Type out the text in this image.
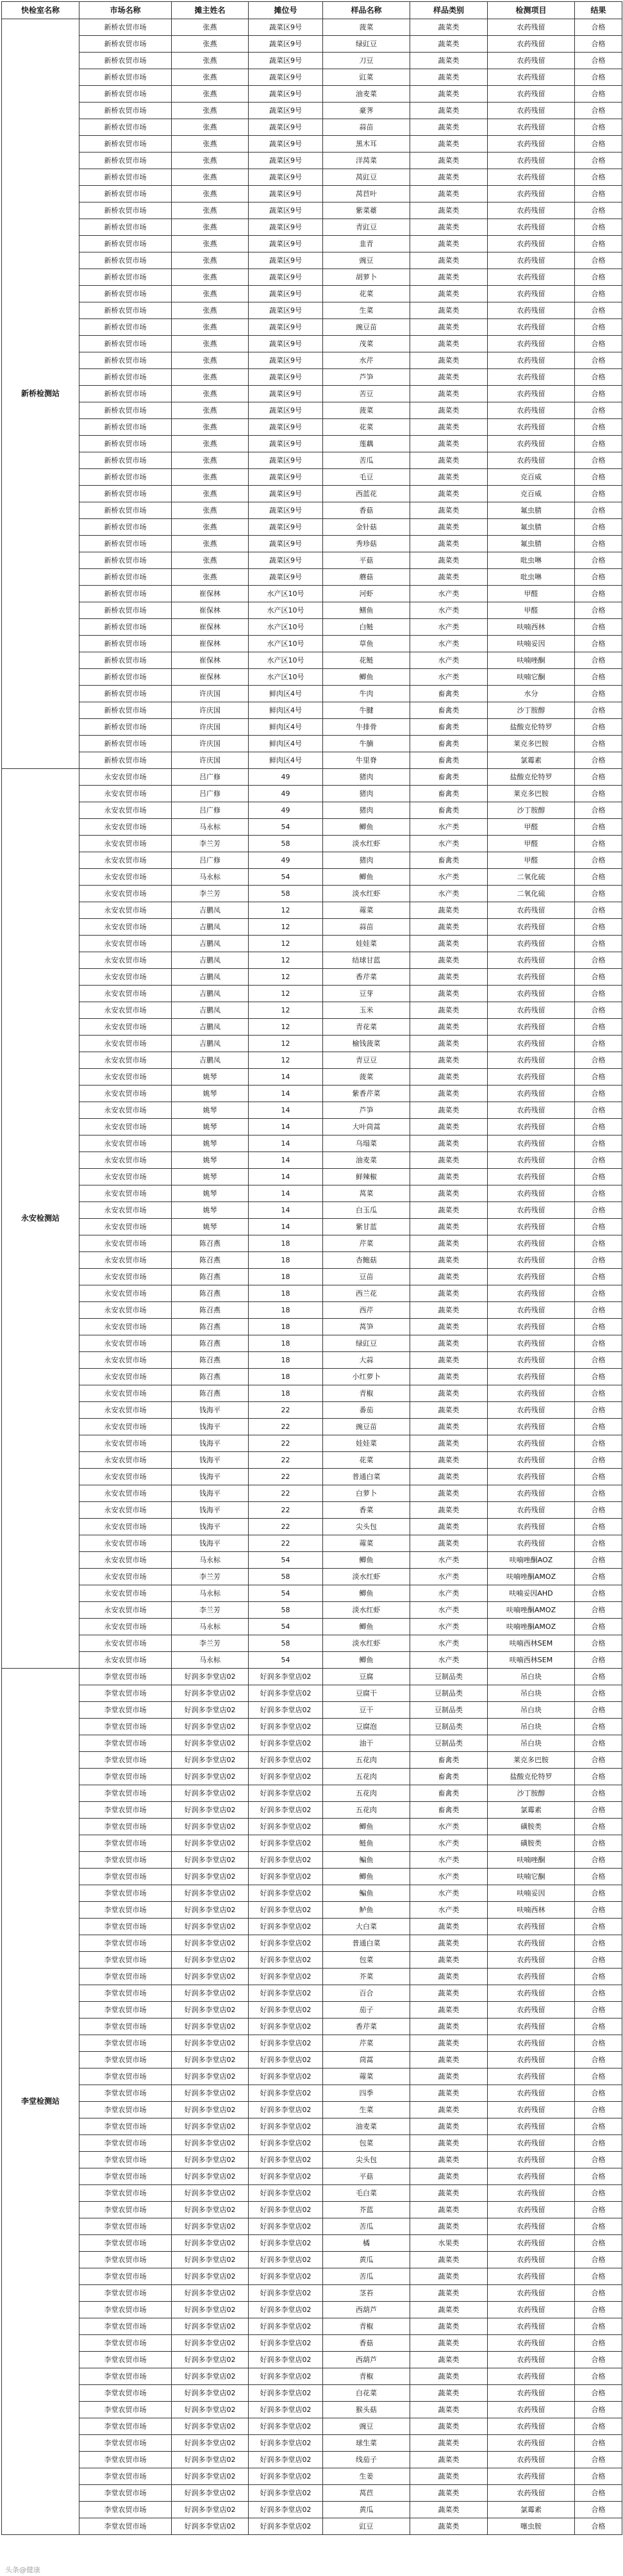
快检室名称	市场名称	摊主姓名	摊位号	样品名称	样品类别	检测项目	结果
新桥检测站	新桥农贸市场	张燕	蔬菜区9号	菠菜	蔬菜类	农药残留	合格
	新桥农贸市场	张燕	蔬菜区9号	绿豇豆	蔬菜类	农药残留	合格
	新桥农贸市场	张燕	蔬菜区9号	刀豆	蔬菜类	农药残留	合格
	新桥农贸市场	张燕	蔬菜区9号	豇菜	蔬菜类	农药残留	合格
	新桥农贸市场	张燕	蔬菜区9号	油麦菜	蔬菜类	农药残留	合格
	新桥农贸市场	张燕	蔬菜区9号	豪荠	蔬菜类	农药残留	合格
	新桥农贸市场	张燕	蔬菜区9号	蒜苗	蔬菜类	农药残留	合格
	新桥农贸市场	张燕	蔬菜区9号	黑木耳	蔬菜类	农药残留	合格
	新桥农贸市场	张燕	蔬菜区9号	洋莴菜	蔬菜类	农药残留	合格
	新桥农贸市场	张燕	蔬菜区9号	莴豇豆	蔬菜类	农药残留	合格
	新桥农贸市场	张燕	蔬菜区9号	莴苣叶	蔬菜类	农药残留	合格
	新桥农贸市场	张燕	蔬菜区9号	紫菜薹	蔬菜类	农药残留	合格
	新桥农贸市场	张燕	蔬菜区9号	青豇豆	蔬菜类	农药残留	合格
	新桥农贸市场	张燕	蔬菜区9号	韭青	蔬菜类	农药残留	合格
	新桥农贸市场	张燕	蔬菜区9号	豌豆	蔬菜类	农药残留	合格
	新桥农贸市场	张燕	蔬菜区9号	胡萝卜	蔬菜类	农药残留	合格
	新桥农贸市场	张燕	蔬菜区9号	花菜	蔬菜类	农药残留	合格
	新桥农贸市场	张燕	蔬菜区9号	生菜	蔬菜类	农药残留	合格
	新桥农贸市场	张燕	蔬菜区9号	豌豆苗	蔬菜类	农药残留	合格
	新桥农贸市场	张燕	蔬菜区9号	茂菜	蔬菜类	农药残留	合格
	新桥农贸市场	张燕	蔬菜区9号	水芹	蔬菜类	农药残留	合格
	新桥农贸市场	张燕	蔬菜区9号	芦笋	蔬菜类	农药残留	合格
	新桥农贸市场	张燕	蔬菜区9号	苦豆	蔬菜类	农药残留	合格
	新桥农贸市场	张燕	蔬菜区9号	菠菜	蔬菜类	农药残留	合格
	新桥农贸市场	张燕	蔬菜区9号	花菜	蔬菜类	农药残留	合格
	新桥农贸市场	张燕	蔬菜区9号	莲藕	蔬菜类	农药残留	合格
	新桥农贸市场	张燕	蔬菜区9号	苦瓜	蔬菜类	农药残留	合格
	新桥农贸市场	张燕	蔬菜区9号	毛豆	蔬菜类	克百威	合格
	新桥农贸市场	张燕	蔬菜区9号	西蓝花	蔬菜类	克百威	合格
	新桥农贸市场	张燕	蔬菜区9号	香菇	蔬菜类	氟虫腈	合格
	新桥农贸市场	张燕	蔬菜区9号	金针菇	蔬菜类	氟虫腈	合格
	新桥农贸市场	张燕	蔬菜区9号	秀珍菇	蔬菜类	氟虫腈	合格
	新桥农贸市场	张燕	蔬菜区9号	平菇	蔬菜类	吡虫啉	合格
	新桥农贸市场	张燕	蔬菜区9号	蘑菇	蔬菜类	吡虫啉	合格
	新桥农贸市场	崔保林	水产区10号	河虾	水产类	甲醛	合格
	新桥农贸市场	崔保林	水产区10号	鳝鱼	水产类	甲醛	合格
	新桥农贸市场	崔保林	水产区10号	白鲢	水产类	呋喃西林	合格
	新桥农贸市场	崔保林	水产区10号	草鱼	水产类	呋喃妥因	合格
	新桥农贸市场	崔保林	水产区10号	花鲢	水产类	呋喃唑酮	合格
	新桥农贸市场	崔保林	水产区10号	鲫鱼	水产类	呋喃它酮	合格
	新桥农贸市场	许庆国	鲜肉区4号	牛肉	畜禽类	水分	合格
	新桥农贸市场	许庆国	鲜肉区4号	牛腱	畜禽类	沙丁胺醇	合格
	新桥农贸市场	许庆国	鲜肉区4号	牛排骨	畜禽类	盐酸克伦特罗	合格
	新桥农贸市场	许庆国	鲜肉区4号	牛腩	畜禽类	莱克多巴胺	合格
	新桥农贸市场	许庆国	鲜肉区4号	牛里脊	畜禽类	氯霉素	合格
永安检测站	永安农贸市场	吕广修	49	猪肉	畜禽类	盐酸克伦特罗	合格
	永安农贸市场	吕广修	49	猪肉	畜禽类	莱克多巴胺	合格
	永安农贸市场	吕广修	49	猪肉	畜禽类	沙丁胺醇	合格
	永安农贸市场	马永标	54	鲫鱼	水产类	甲醛	合格
	永安农贸市场	李兰芳	58	淡水红虾	水产类	甲醛	合格
	永安农贸市场	吕广修	49	猪肉	畜禽类	甲醛	合格
	永安农贸市场	马永标	54	鲫鱼	水产类	二氧化硫	合格
	永安农贸市场	李兰芳	58	淡水红虾	水产类	二氧化硫	合格
	永安农贸市场	吉鹏凤	12	蕹菜	蔬菜类	农药残留	合格
	永安农贸市场	吉鹏凤	12	蒜苗	蔬菜类	农药残留	合格
	永安农贸市场	吉鹏凤	12	娃娃菜	蔬菜类	农药残留	合格
	永安农贸市场	吉鹏凤	12	结球甘蓝	蔬菜类	农药残留	合格
	永安农贸市场	吉鹏凤	12	香芹菜	蔬菜类	农药残留	合格
	永安农贸市场	吉鹏凤	12	豆芽	蔬菜类	农药残留	合格
	永安农贸市场	吉鹏凤	12	玉米	蔬菜类	农药残留	合格
	永安农贸市场	吉鹏凤	12	青花菜	蔬菜类	农药残留	合格
	永安农贸市场	吉鹏凤	12	榆钱菠菜	蔬菜类	农药残留	合格
	永安农贸市场	吉鹏凤	12	青豆豆	蔬菜类	农药残留	合格
	永安农贸市场	姚琴	14	菠菜	蔬菜类	农药残留	合格
	永安农贸市场	姚琴	14	紫香芹菜	蔬菜类	农药残留	合格
	永安农贸市场	姚琴	14	芦笋	蔬菜类	农药残留	合格
	永安农贸市场	姚琴	14	大叶茼蒿	蔬菜类	农药残留	合格
	永安农贸市场	姚琴	14	乌塌菜	蔬菜类	农药残留	合格
	永安农贸市场	姚琴	14	油麦菜	蔬菜类	农药残留	合格
	永安农贸市场	姚琴	14	鲜辣椒	蔬菜类	农药残留	合格
	永安农贸市场	姚琴	14	莴菜	蔬菜类	农药残留	合格
	永安农贸市场	姚琴	14	白玉瓜	蔬菜类	农药残留	合格
	永安农贸市场	姚琴	14	紫甘蓝	蔬菜类	农药残留	合格
	永安农贸市场	陈召燕	18	芹菜	蔬菜类	农药残留	合格
	永安农贸市场	陈召燕	18	杏鲍菇	蔬菜类	农药残留	合格
	永安农贸市场	陈召燕	18	豆苗	蔬菜类	农药残留	合格
	永安农贸市场	陈召燕	18	西兰花	蔬菜类	农药残留	合格
	永安农贸市场	陈召燕	18	西芹	蔬菜类	农药残留	合格
	永安农贸市场	陈召燕	18	莴笋	蔬菜类	农药残留	合格
	永安农贸市场	陈召燕	18	绿豇豆	蔬菜类	农药残留	合格
	永安农贸市场	陈召燕	18	大蒜	蔬菜类	农药残留	合格
	永安农贸市场	陈召燕	18	小红萝卜	蔬菜类	农药残留	合格
	永安农贸市场	陈召燕	18	青椒	蔬菜类	农药残留	合格
	永安农贸市场	钱海平	22	番茄	蔬菜类	农药残留	合格
	永安农贸市场	钱海平	22	豌豆苗	蔬菜类	农药残留	合格
	永安农贸市场	钱海平	22	娃娃菜	蔬菜类	农药残留	合格
	永安农贸市场	钱海平	22	花菜	蔬菜类	农药残留	合格
	永安农贸市场	钱海平	22	普通白菜	蔬菜类	农药残留	合格
	永安农贸市场	钱海平	22	白萝卜	蔬菜类	农药残留	合格
	永安农贸市场	钱海平	22	香菜	蔬菜类	农药残留	合格
	永安农贸市场	钱海平	22	尖头包	蔬菜类	农药残留	合格
	永安农贸市场	钱海平	22	蕹菜	蔬菜类	农药残留	合格
	永安农贸市场	马永标	54	鲫鱼	水产类	呋喃唑酮AOZ	合格
	永安农贸市场	李兰芳	58	淡水红虾	水产类	呋喃唑酮AMOZ	合格
	永安农贸市场	马永标	54	鲫鱼	水产类	呋喃妥因AHD	合格
	永安农贸市场	李兰芳	58	淡水红虾	水产类	呋喃唑酮AMOZ	合格
	永安农贸市场	马永标	54	鲫鱼	水产类	呋喃唑酮AMOZ	合格
	永安农贸市场	李兰芳	58	淡水红虾	水产类	呋喃西林SEM	合格
	永安农贸市场	马永标	54	鲫鱼	水产类	呋喃西林SEM	合格
李堂检测站	李堂农贸市场	好润多李堂店02	好润多李堂店02	豆腐	豆制品类	吊白块	合格
	李堂农贸市场	好润多李堂店02	好润多李堂店02	豆腐干	豆制品类	吊白块	合格
	李堂农贸市场	好润多李堂店02	好润多李堂店02	豆干	豆制品类	吊白块	合格
	李堂农贸市场	好润多李堂店02	好润多李堂店02	豆腐泡	豆制品类	吊白块	合格
	李堂农贸市场	好润多李堂店02	好润多李堂店02	油干	豆制品类	吊白块	合格
	李堂农贸市场	好润多李堂店02	好润多李堂店02	五花肉	畜禽类	莱克多巴胺	合格
	李堂农贸市场	好润多李堂店02	好润多李堂店02	五花肉	畜禽类	盐酸克伦特罗	合格
	李堂农贸市场	好润多李堂店02	好润多李堂店02	五花肉	畜禽类	沙丁胺醇	合格
	李堂农贸市场	好润多李堂店02	好润多李堂店02	五花肉	畜禽类	氯霉素	合格
	李堂农贸市场	好润多李堂店02	好润多李堂店02	鲫鱼	水产类	磺胺类	合格
	李堂农贸市场	好润多李堂店02	好润多李堂店02	鲢鱼	水产类	磺胺类	合格
	李堂农贸市场	好润多李堂店02	好润多李堂店02	鳊鱼	水产类	呋喃唑酮	合格
	李堂农贸市场	好润多李堂店02	好润多李堂店02	鲫鱼	水产类	呋喃它酮	合格
	李堂农贸市场	好润多李堂店02	好润多李堂店02	鳊鱼	水产类	呋喃妥因	合格
	李堂农贸市场	好润多李堂店02	好润多李堂店02	鲈鱼	水产类	呋喃西林	合格
	李堂农贸市场	好润多李堂店02	好润多李堂店02	大白菜	蔬菜类	农药残留	合格
	李堂农贸市场	好润多李堂店02	好润多李堂店02	普通白菜	蔬菜类	农药残留	合格
	李堂农贸市场	好润多李堂店02	好润多李堂店02	包菜	蔬菜类	农药残留	合格
	李堂农贸市场	好润多李堂店02	好润多李堂店02	芥菜	蔬菜类	农药残留	合格
	李堂农贸市场	好润多李堂店02	好润多李堂店02	百合	蔬菜类	农药残留	合格
	李堂农贸市场	好润多李堂店02	好润多李堂店02	茄子	蔬菜类	农药残留	合格
	李堂农贸市场	好润多李堂店02	好润多李堂店02	香芹菜	蔬菜类	农药残留	合格
	李堂农贸市场	好润多李堂店02	好润多李堂店02	芹菜	蔬菜类	农药残留	合格
	李堂农贸市场	好润多李堂店02	好润多李堂店02	茼蒿	蔬菜类	农药残留	合格
	李堂农贸市场	好润多李堂店02	好润多李堂店02	蕹菜	蔬菜类	农药残留	合格
	李堂农贸市场	好润多李堂店02	好润多李堂店02	四季	蔬菜类	农药残留	合格
	李堂农贸市场	好润多李堂店02	好润多李堂店02	生菜	蔬菜类	农药残留	合格
	李堂农贸市场	好润多李堂店02	好润多李堂店02	油麦菜	蔬菜类	农药残留	合格
	李堂农贸市场	好润多李堂店02	好润多李堂店02	包菜	蔬菜类	农药残留	合格
	李堂农贸市场	好润多李堂店02	好润多李堂店02	尖头包	蔬菜类	农药残留	合格
	李堂农贸市场	好润多李堂店02	好润多李堂店02	平菇	蔬菜类	农药残留	合格
	李堂农贸市场	好润多李堂店02	好润多李堂店02	毛白菜	蔬菜类	农药残留	合格
	李堂农贸市场	好润多李堂店02	好润多李堂店02	芥蓝	蔬菜类	农药残留	合格
	李堂农贸市场	好润多李堂店02	好润多李堂店02	苦瓜	蔬菜类	农药残留	合格
	李堂农贸市场	好润多李堂店02	好润多李堂店02	橘	水果类	农药残留	合格
	李堂农贸市场	好润多李堂店02	好润多李堂店02	黄瓜	蔬菜类	农药残留	合格
	李堂农贸市场	好润多李堂店02	好润多李堂店02	苦瓜	蔬菜类	农药残留	合格
	李堂农贸市场	好润多李堂店02	好润多李堂店02	茎苔	蔬菜类	农药残留	合格
	李堂农贸市场	好润多李堂店02	好润多李堂店02	西葫芦	蔬菜类	农药残留	合格
	李堂农贸市场	好润多李堂店02	好润多李堂店02	青椒	蔬菜类	农药残留	合格
	李堂农贸市场	好润多李堂店02	好润多李堂店02	香菇	蔬菜类	农药残留	合格
	李堂农贸市场	好润多李堂店02	好润多李堂店02	西葫芦	蔬菜类	农药残留	合格
	李堂农贸市场	好润多李堂店02	好润多李堂店02	青椒	蔬菜类	农药残留	合格
	李堂农贸市场	好润多李堂店02	好润多李堂店02	白花菜	蔬菜类	农药残留	合格
	李堂农贸市场	好润多李堂店02	好润多李堂店02	猴头菇	蔬菜类	农药残留	合格
	李堂农贸市场	好润多李堂店02	好润多李堂店02	豌豆	蔬菜类	农药残留	合格
	李堂农贸市场	好润多李堂店02	好润多李堂店02	球生菜	蔬菜类	农药残留	合格
	李堂农贸市场	好润多李堂店02	好润多李堂店02	线茄子	蔬菜类	农药残留	合格
	李堂农贸市场	好润多李堂店02	好润多李堂店02	生姜	蔬菜类	农药残留	合格
	李堂农贸市场	好润多李堂店02	好润多李堂店02	莴苣	蔬菜类	农药残留	合格
	李堂农贸市场	好润多李堂店02	好润多李堂店02	黄瓜	蔬菜类	氯霉素	合格
	李堂农贸市场	好润多李堂店02	好润多李堂店02	豇豆	蔬菜类	噻虫胺	合格
头条@健康
